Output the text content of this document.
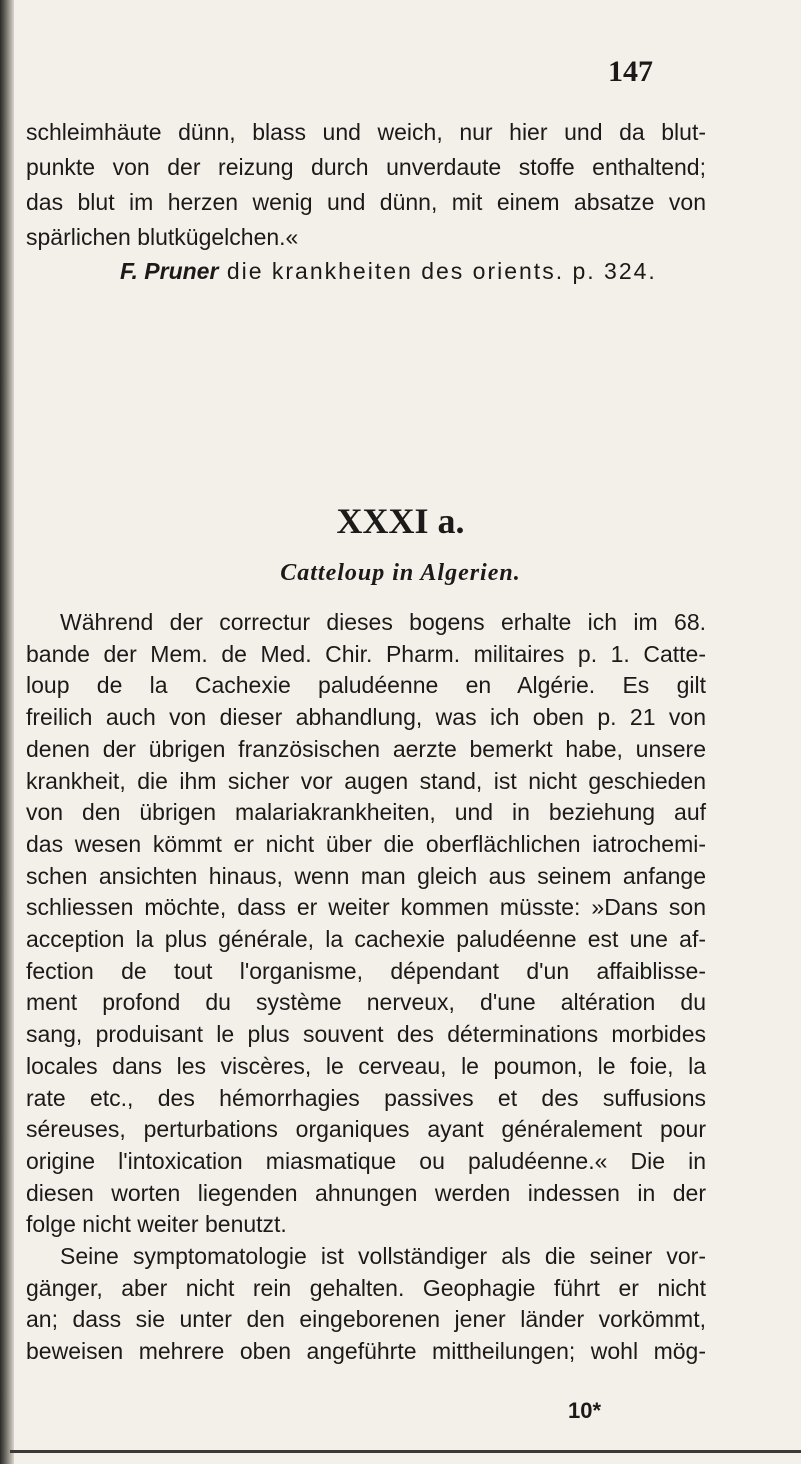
147
schleimhäute dünn, blass und weich, nur hier und da blut-
punkte von der reizung durch unverdaute stoffe enthaltend;
das blut im herzen wenig und dünn, mit einem absatze von
spärlichen blutkügelchen.«
F. Pruner die krankheiten des orients. p. 324.
XXXI a.
Catteloup in Algerien.
Während der correctur dieses bogens erhalte ich im 68.
bande der Mem. de Med. Chir. Pharm. militaires p. 1. Catte-
loup de la Cachexie paludéenne en Algérie. Es gilt
freilich auch von dieser abhandlung, was ich oben p. 21 von
denen der übrigen französischen aerzte bemerkt habe, unsere
krankheit, die ihm sicher vor augen stand, ist nicht geschieden
von den übrigen malariakrankheiten, und in beziehung auf
das wesen kömmt er nicht über die oberflächlichen iatrochemi-
schen ansichten hinaus, wenn man gleich aus seinem anfange
schliessen möchte, dass er weiter kommen müsste: »Dans son
acception la plus générale, la cachexie paludéenne est une af-
fection de tout l'organisme, dépendant d'un affaiblisse-
ment profond du système nerveux, d'une altération du
sang, produisant le plus souvent des déterminations morbides
locales dans les viscères, le cerveau, le poumon, le foie, la
rate etc., des hémorrhagies passives et des suffusions
séreuses, perturbations organiques ayant généralement pour
origine l'intoxication miasmatique ou paludéenne.« Die in
diesen worten liegenden ahnungen werden indessen in der
folge nicht weiter benutzt.
Seine symptomatologie ist vollständiger als die seiner vor-
gänger, aber nicht rein gehalten. Geophagie führt er nicht
an; dass sie unter den eingeborenen jener länder vorkömmt,
beweisen mehrere oben angeführte mittheilungen; wohl mög-
10*
